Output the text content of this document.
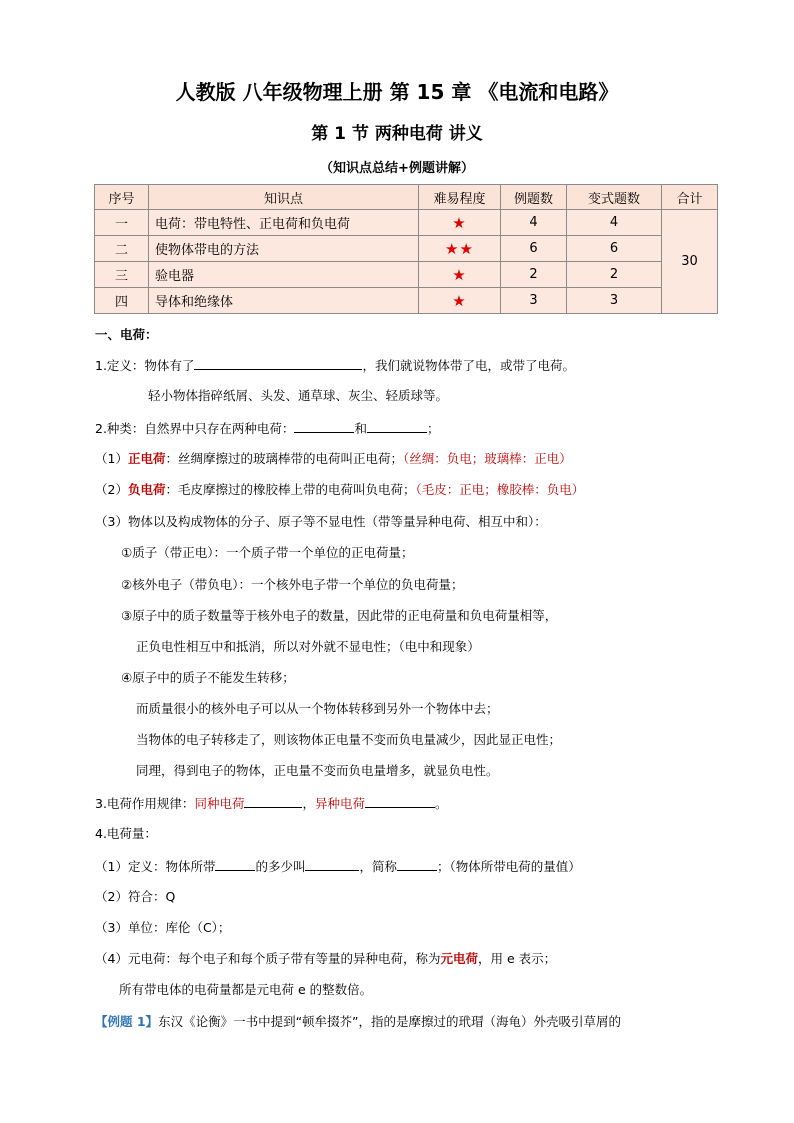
人教版 八年级物理上册 第 15 章 《电流和电路》
第 1 节 两种电荷 讲义
（知识点总结+例题讲解）
序号	知识点	难易程度	例题数	变式题数	合计
一	电荷：带电特性、正电荷和负电荷	★	4	4	30
二	使物体带电的方法	★★	6	6	
三	验电器	★	2	2	
四	导体和绝缘体	★	3	3	
一、电荷：
1.定义：物体有了	，我们就说物体带了电，或带了电荷。
轻小物体指碎纸屑、头发、通草球、灰尘、轻质球等。
2.种类：自然界中只存在两种电荷：	和	；
（1）正电荷：丝绸摩擦过的玻璃棒带的电荷叫正电荷；（丝绸：负电；玻璃棒：正电）
（2）负电荷：毛皮摩擦过的橡胶棒上带的电荷叫负电荷；（毛皮：正电；橡胶棒：负电）
（3）物体以及构成物体的分子、原子等不显电性（带等量异种电荷、相互中和）：
①质子（带正电）：一个质子带一个单位的正电荷量；
②核外电子（带负电）：一个核外电子带一个单位的负电荷量；
③原子中的质子数量等于核外电子的数量，因此带的正电荷量和负电荷量相等，
正负电性相互中和抵消，所以对外就不显电性；（电中和现象）
④原子中的质子不能发生转移；
而质量很小的核外电子可以从一个物体转移到另外一个物体中去；
当物体的电子转移走了，则该物体正电量不变而负电量减少，因此显正电性；
同理，得到电子的物体，正电量不变而负电量增多，就显负电性。
3.电荷作用规律：同种电荷	，异种电荷	。
4.电荷量：
（1）定义：物体所带	的多少叫	，简称	；（物体所带电荷的量值）
（2）符合：Q
（3）单位：库伦（C）；
（4）元电荷：每个电子和每个质子带有等量的异种电荷，称为元电荷，用 e 表示；
所有带电体的电荷量都是元电荷 e 的整数倍。
【例题 1】东汉《论衡》一书中提到“顿牟掇芥”，指的是摩擦过的玳瑁（海龟）外壳吸引草屑的
